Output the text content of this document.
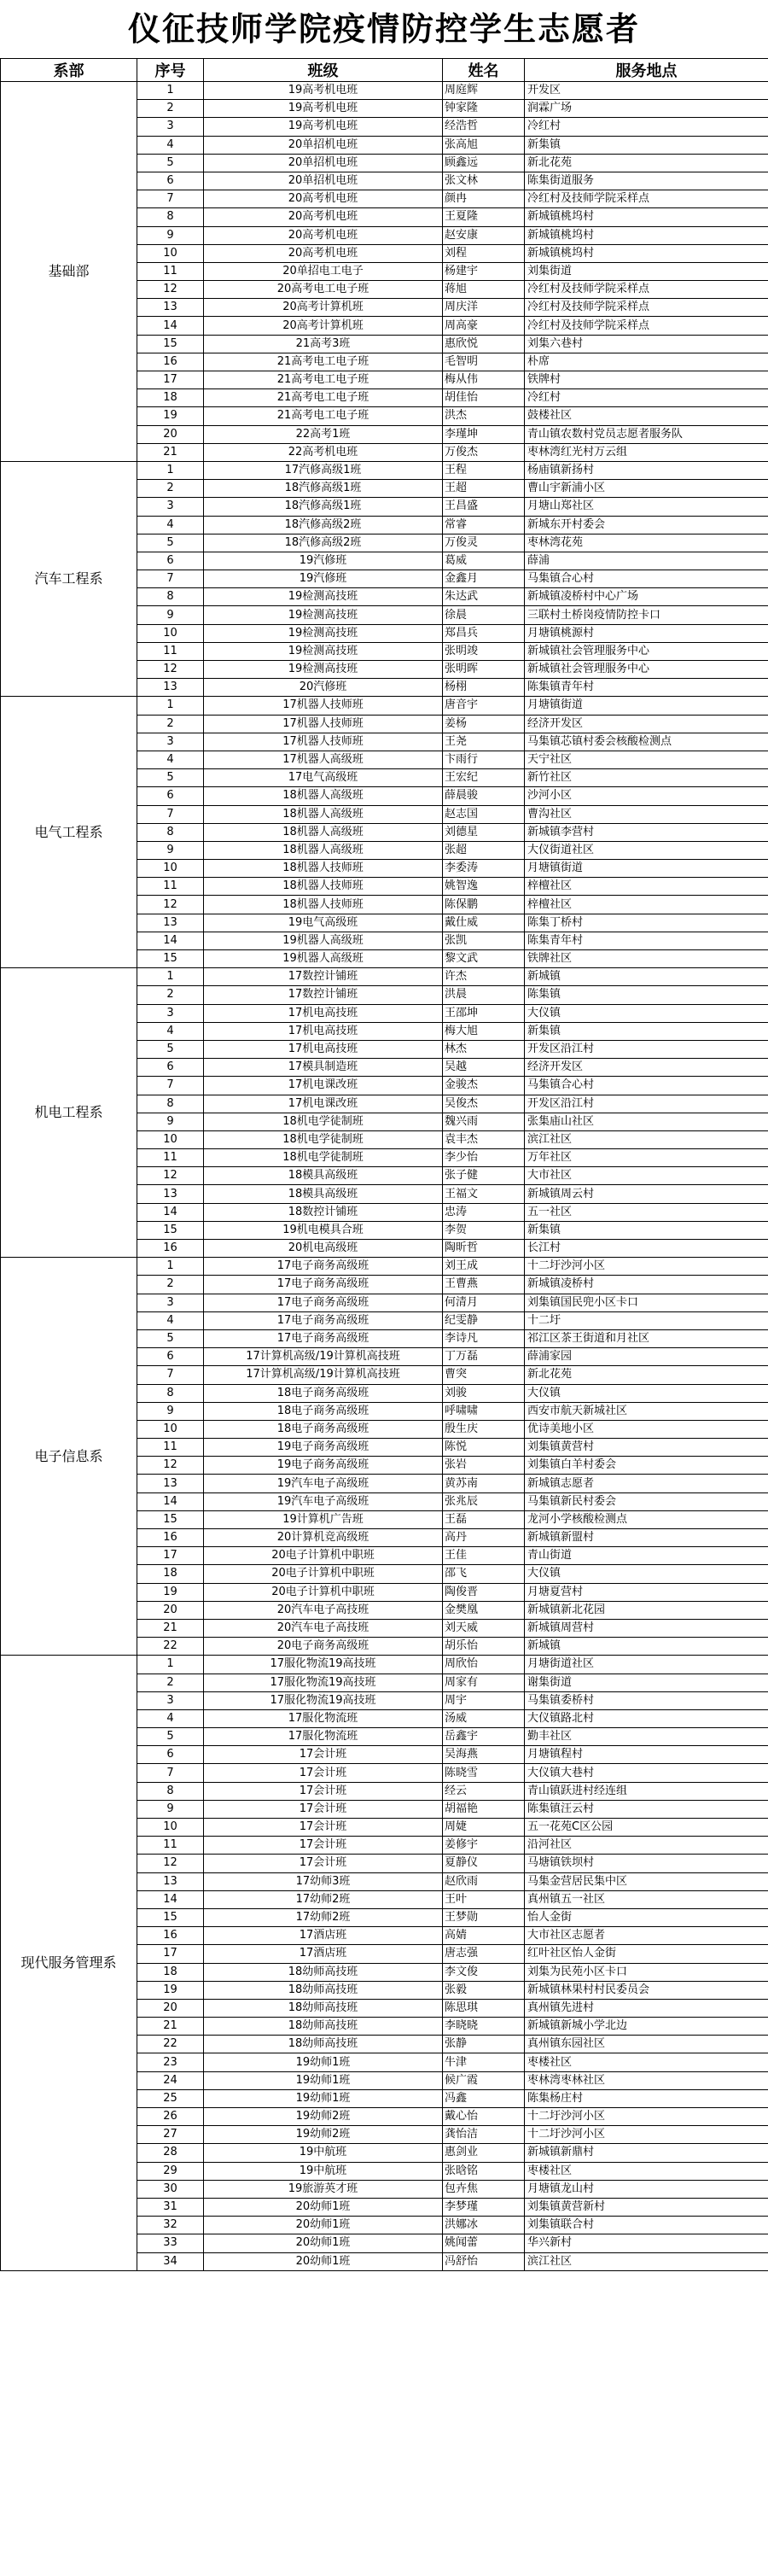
仪征技师学院疫情防控学生志愿者
系部	序号	班级	姓名	服务地点
基础部	1	19高考机电班	周庭辉	开发区
	2	19高考机电班	钟家隆	润霖广场
	3	19高考机电班	经浩哲	冷红村
	4	20单招机电班	张高旭	新集镇
	5	20单招机电班	顾鑫远	新北花苑
	6	20单招机电班	张文林	陈集街道服务
	7	20高考机电班	颜冉	冷红村及技师学院采样点
	8	20高考机电班	王夏隆	新城镇桃坞村
	9	20高考机电班	赵安康	新城镇桃坞村
	10	20高考机电班	刘程	新城镇桃坞村
	11	20单招电工电子	杨建宇	刘集街道
	12	20高考电工电子班	蒋旭	冷红村及技师学院采样点
	13	20高考计算机班	周庆洋	冷红村及技师学院采样点
	14	20高考计算机班	周高豪	冷红村及技师学院采样点
	15	21高考3班	惠欣悦	刘集六巷村
	16	21高考电工电子班	毛智明	朴席
	17	21高考电工电子班	梅从伟	铁牌村
	18	21高考电工电子班	胡佳怡	冷红村
	19	21高考电工电子班	洪杰	鼓楼社区
	20	22高考1班	李瑾坤	青山镇农数村党员志愿者服务队
	21	22高考机电班	万俊杰	枣林湾红光村万云组
汽车工程系	1	17汽修高级1班	王程	杨庙镇新扬村
	2	18汽修高级1班	王超	曹山宇新浦小区
	3	18汽修高级1班	王昌盛	月塘山郑社区
	4	18汽修高级2班	常睿	新城东开村委会
	5	18汽修高级2班	万俊灵	枣林湾花苑
	6	19汽修班	葛威	薛浦
	7	19汽修班	金鑫月	马集镇合心村
	8	19检测高技班	朱达武	新城镇凌桥村中心广场
	9	19检测高技班	徐晨	三联村土桥岗疫情防控卡口
	10	19检测高技班	郑昌兵	月塘镇桃源村
	11	19检测高技班	张明竣	新城镇社会管理服务中心
	12	19检测高技班	张明晖	新城镇社会管理服务中心
	13	20汽修班	杨栩	陈集镇青年村
电气工程系	1	17机器人技师班	唐音宇	月塘镇街道
	2	17机器人技师班	姜杨	经济开发区
	3	17机器人技师班	王尧	马集镇芯镇村委会核酸检测点
	4	17机器人高级班	卞雨行	天宁社区
	5	17电气高级班	王宏纪	新竹社区
	6	18机器人高级班	薛晨骏	沙河小区
	7	18机器人高级班	赵志国	曹沟社区
	8	18机器人高级班	刘德星	新城镇李营村
	9	18机器人高级班	张超	大仪街道社区
	10	18机器人技师班	李委涛	月塘镇街道
	11	18机器人技师班	姚智逸	梓檀社区
	12	18机器人技师班	陈保鹏	梓檀社区
	13	19电气高级班	戴仕威	陈集丁桥村
	14	19机器人高级班	张凯	陈集青年村
	15	19机器人高级班	黎文武	铁牌社区
机电工程系	1	17数控计铺班	许杰	新城镇
	2	17数控计铺班	洪晨	陈集镇
	3	17机电高技班	王邵坤	大仪镇
	4	17机电高技班	梅大旭	新集镇
	5	17机电高技班	林杰	开发区沿江村
	6	17模具制造班	吴越	经济开发区
	7	17机电课改班	金骏杰	马集镇合心村
	8	17机电课改班	吴俊杰	开发区沿江村
	9	18机电学徒制班	魏兴雨	张集庙山社区
	10	18机电学徒制班	袁丰杰	滨江社区
	11	18机电学徒制班	李少怡	万年社区
	12	18模具高级班	张子健	大市社区
	13	18模具高级班	王福文	新城镇周云村
	14	18数控计铺班	忠涛	五一社区
	15	19机电模具合班	李贺	新集镇
	16	20机电高级班	陶昕哲	长江村
电子信息系	1	17电子商务高级班	刘王成	十二圩沙河小区
	2	17电子商务高级班	王曹燕	新城镇凌桥村
	3	17电子商务高级班	何清月	刘集镇国民兜小区卡口
	4	17电子商务高级班	纪雯静	十二圩
	5	17电子商务高级班	李诗凡	祁江区茶王街道和月社区
	6	17计算机高级/19计算机高技班	丁万磊	薛浦家园
	7	17计算机高级/19计算机高技班	曹突	新北花苑
	8	18电子商务高级班	刘骏	大仪镇
	9	18电子商务高级班	呼啸啸	西安市航天新城社区
	10	18电子商务高级班	殷生庆	优诗美地小区
	11	19电子商务高级班	陈悦	刘集镇黄营村
	12	19电子商务高级班	张岩	刘集镇白羊村委会
	13	19汽车电子高级班	黄苏南	新城镇志愿者
	14	19汽车电子高级班	张兆辰	马集镇新民村委会
	15	19计算机广告班	王磊	龙河小学核酸检测点
	16	20计算机竞高级班	高丹	新城镇新盟村
	17	20电子计算机中职班	王佳	青山街道
	18	20电子计算机中职班	邵飞	大仪镇
	19	20电子计算机中职班	陶俊晋	月塘夏营村
	20	20汽车电子高技班	金樊凰	新城镇新北花园
	21	20汽车电子高技班	刘天威	新城镇周营村
	22	20电子商务高级班	胡乐怡	新城镇
现代服务管理系	1	17服化物流19高技班	周欣怡	月塘街道社区
	2	17服化物流19高技班	周家有	谢集街道
	3	17服化物流19高技班	周宇	马集镇委桥村
	4	17服化物流班	汤威	大仪镇路北村
	5	17服化物流班	岳鑫宇	勤丰社区
	6	17会计班	吴海燕	月塘镇程村
	7	17会计班	陈晓雪	大仪镇大巷村
	8	17会计班	经云	青山镇跃进村经连组
	9	17会计班	胡福艳	陈集镇汪云村
	10	17会计班	周婕	五一花苑C区公园
	11	17会计班	姜修宇	沿河社区
	12	17会计班	夏静仪	马塘镇铁坝村
	13	17幼师3班	赵欣雨	马集金营居民集中区
	14	17幼师2班	王叶	真州镇五一社区
	15	17幼师2班	王梦勋	怡人金街
	16	17酒店班	高婧	大市社区志愿者
	17	17酒店班	唐志强	红叶社区怡人金街
	18	18幼师高技班	李文俊	刘集为民苑小区卡口
	19	18幼师高技班	张毅	新城镇林果村村民委员会
	20	18幼师高技班	陈思琪	真州镇先进村
	21	18幼师高技班	李晓晓	新城镇新城小学北边
	22	18幼师高技班	张静	真州镇东园社区
	23	19幼师1班	牛津	枣楼社区
	24	19幼师1班	候广霞	枣林湾枣林社区
	25	19幼师1班	冯鑫	陈集杨庄村
	26	19幼师2班	戴心怡	十二圩沙河小区
	27	19幼师2班	龚怡洁	十二圩沙河小区
	28	19中航班	惠剑业	新城镇新鼎村
	29	19中航班	张晗铭	枣楼社区
	30	19旅游英才班	包卉焦	月塘镇龙山村
	31	20幼师1班	李梦瑾	刘集镇黄营新村
	32	20幼师1班	洪娜冰	刘集镇联合村
	33	20幼师1班	姚闻蕾	华兴新村
	34	20幼师1班	冯舒怡	滨江社区
